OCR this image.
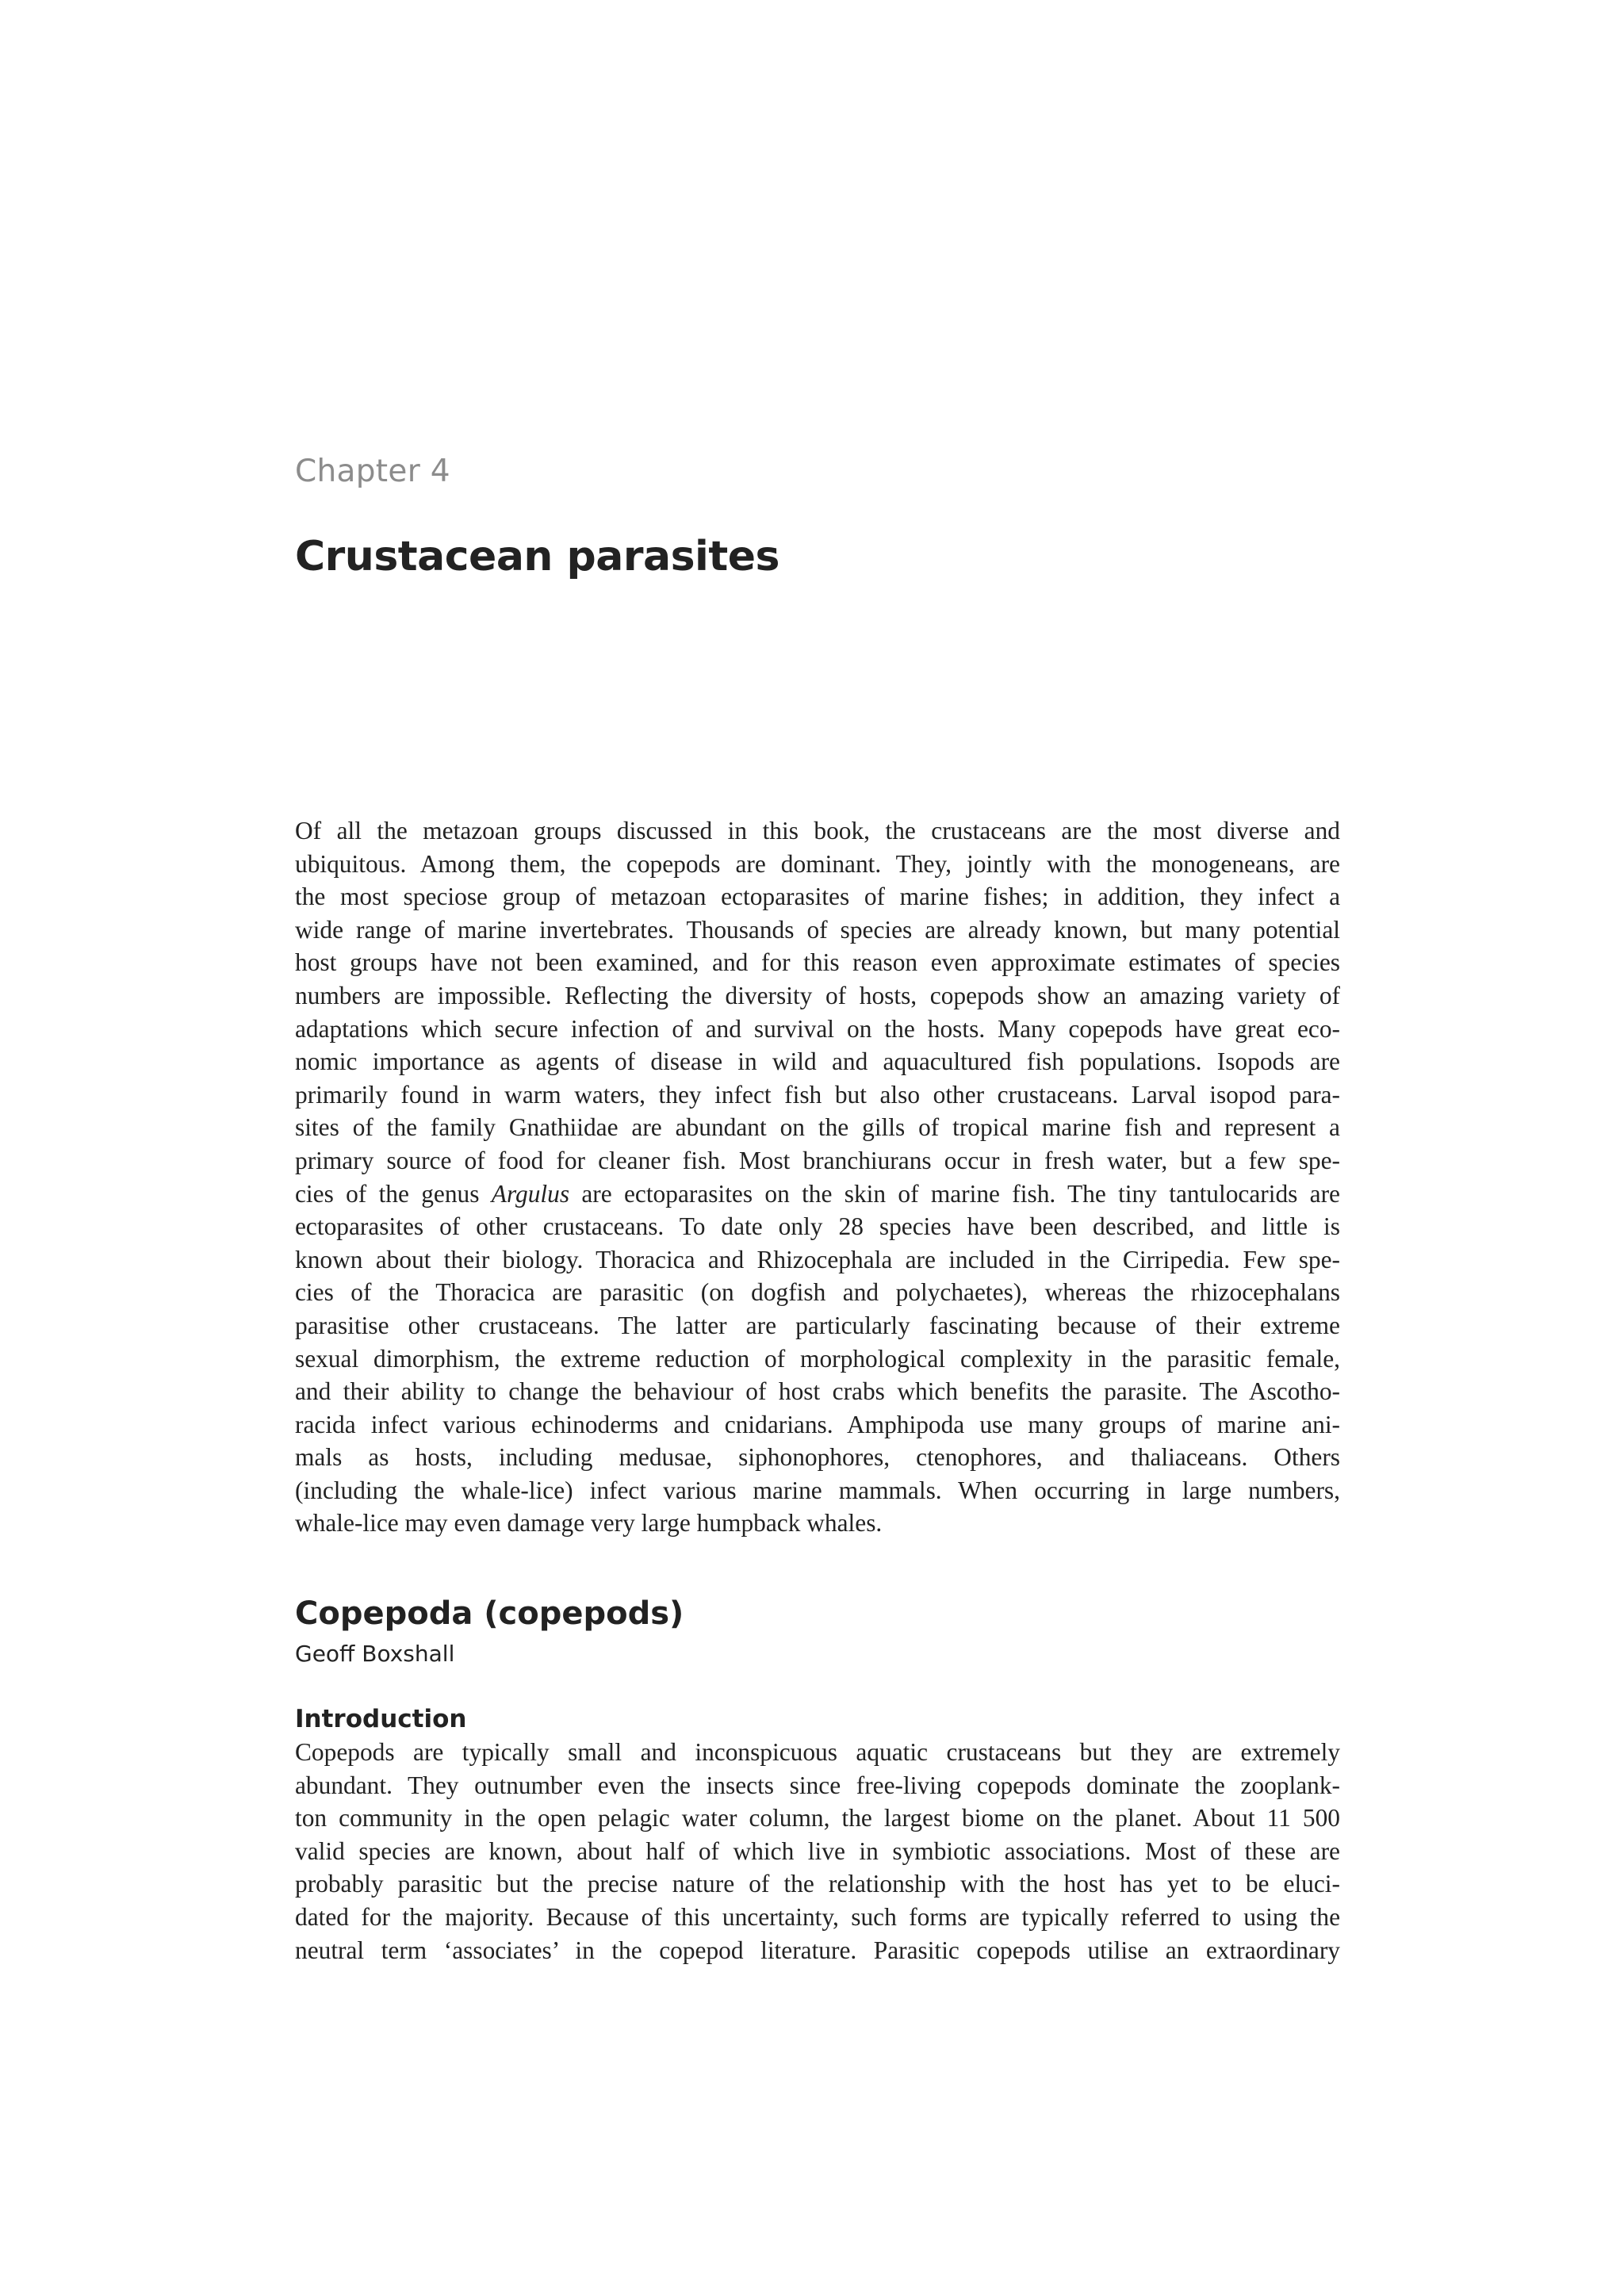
Chapter 4
Crustacean parasites
Of all the metazoan groups discussed in this book, the crustaceans are the most diverse and
ubiquitous. Among them, the copepods are dominant. They, jointly with the monogeneans, are
the most speciose group of metazoan ectoparasites of marine fishes; in addition, they infect a
wide range of marine invertebrates. Thousands of species are already known, but many potential
host groups have not been examined, and for this reason even approximate estimates of species
numbers are impossible. Reflecting the diversity of hosts, copepods show an amazing variety of
adaptations which secure infection of and survival on the hosts. Many copepods have great eco-
nomic importance as agents of disease in wild and aquacultured fish populations. Isopods are
primarily found in warm waters, they infect fish but also other crustaceans. Larval isopod para-
sites of the family Gnathiidae are abundant on the gills of tropical marine fish and represent a
primary source of food for cleaner fish. Most branchiurans occur in fresh water, but a few spe-
cies of the genus Argulus are ectoparasites on the skin of marine fish. The tiny tantulocarids are
ectoparasites of other crustaceans. To date only 28 species have been described, and little is
known about their biology. Thoracica and Rhizocephala are included in the Cirripedia. Few spe-
cies of the Thoracica are parasitic (on dogfish and polychaetes), whereas the rhizocephalans
parasitise other crustaceans. The latter are particularly fascinating because of their extreme
sexual dimorphism, the extreme reduction of morphological complexity in the parasitic female,
and their ability to change the behaviour of host crabs which benefits the parasite. The Ascotho-
racida infect various echinoderms and cnidarians. Amphipoda use many groups of marine ani-
mals as hosts, including medusae, siphonophores, ctenophores, and thaliaceans. Others
(including the whale-lice) infect various marine mammals. When occurring in large numbers,
whale-lice may even damage very large humpback whales.
Copepoda (copepods)
Geoff Boxshall
Introduction
Copepods are typically small and inconspicuous aquatic crustaceans but they are extremely
abundant. They outnumber even the insects since free-living copepods dominate the zooplank-
ton community in the open pelagic water column, the largest biome on the planet. About 11 500
valid species are known, about half of which live in symbiotic associations. Most of these are
probably parasitic but the precise nature of the relationship with the host has yet to be eluci-
dated for the majority. Because of this uncertainty, such forms are typically referred to using the
neutral term ‘associates’ in the copepod literature. Parasitic copepods utilise an extraordinary
